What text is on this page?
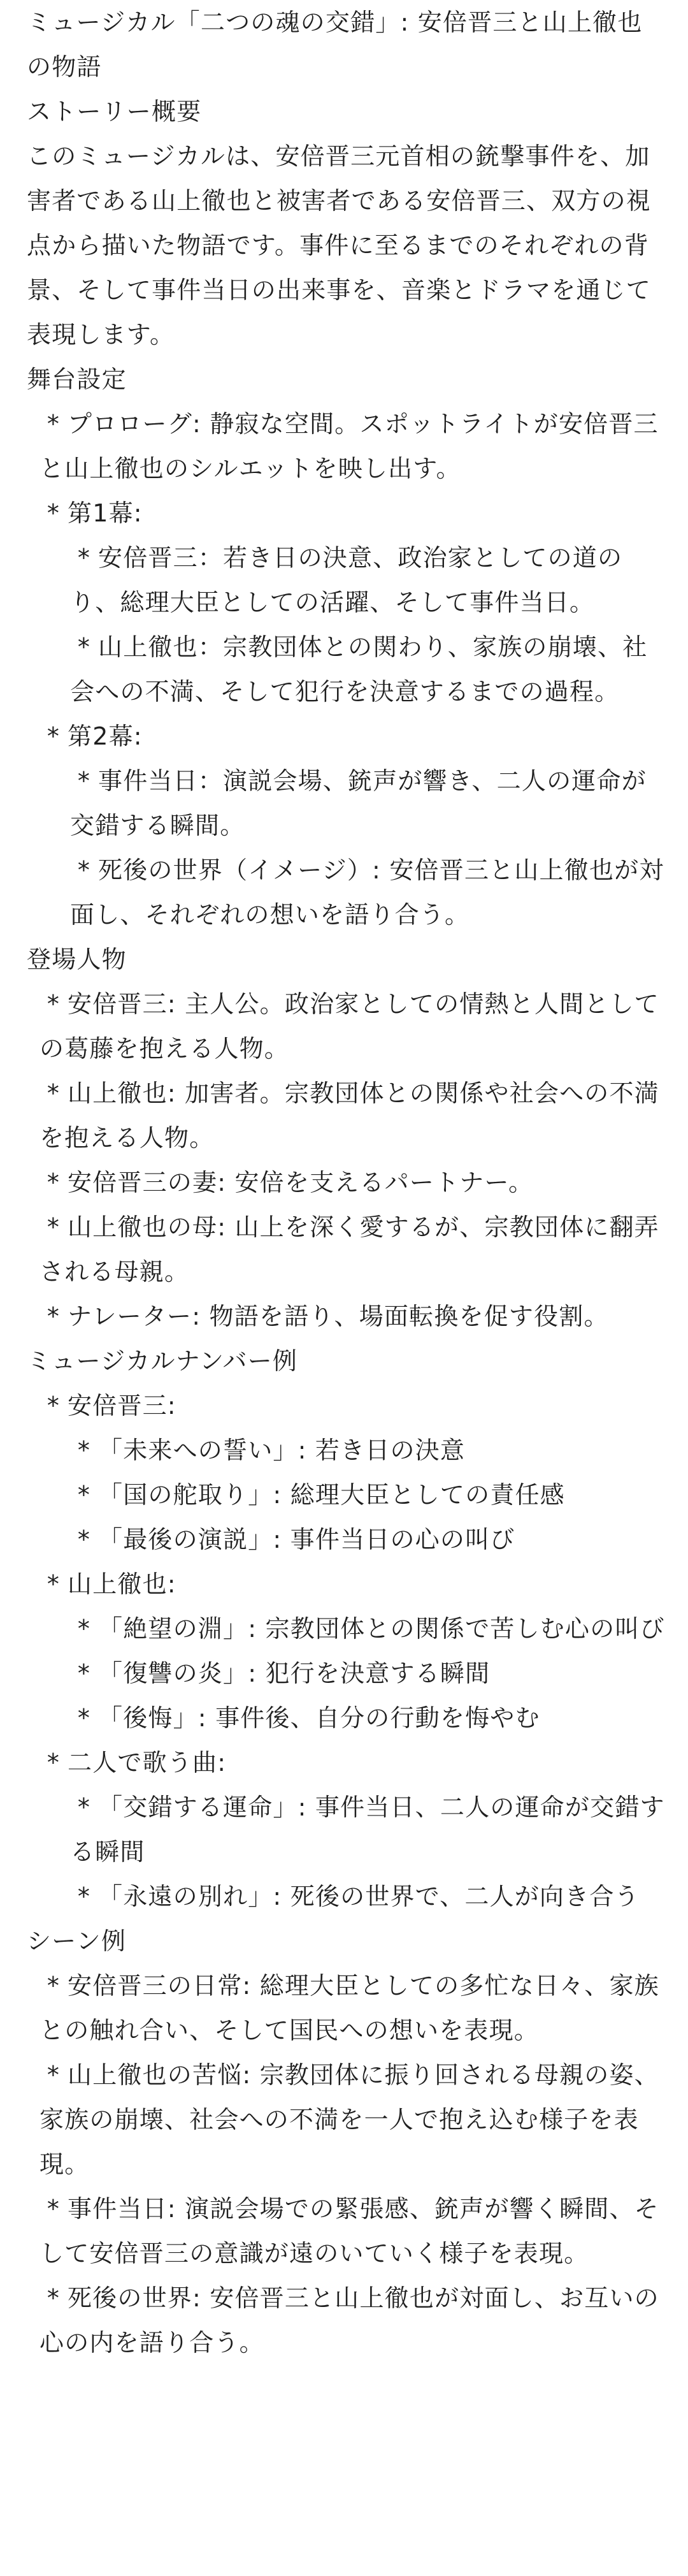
ミュージカル「二つの魂の交錯」: 安倍晋三と山上徹也の物語
ストーリー概要
このミュージカルは、安倍晋三元首相の銃撃事件を、加害者である山上徹也と被害者である安倍晋三、双方の視点から描いた物語です。事件に至るまでのそれぞれの背景、そして事件当日の出来事を、音楽とドラマを通じて表現します。
舞台設定
* プロローグ: 静寂な空間。スポットライトが安倍晋三と山上徹也のシルエットを映し出す。
* 第1幕:
* 安倍晋三：若き日の決意、政治家としての道のり、総理大臣としての活躍、そして事件当日。
* 山上徹也：宗教団体との関わり、家族の崩壊、社会への不満、そして犯行を決意するまでの過程。
* 第2幕:
* 事件当日：演説会場、銃声が響き、二人の運命が交錯する瞬間。
* 死後の世界（イメージ）: 安倍晋三と山上徹也が対面し、それぞれの想いを語り合う。
登場人物
* 安倍晋三: 主人公。政治家としての情熱と人間としての葛藤を抱える人物。
* 山上徹也: 加害者。宗教団体との関係や社会への不満を抱える人物。
* 安倍晋三の妻: 安倍を支えるパートナー。
* 山上徹也の母: 山上を深く愛するが、宗教団体に翻弄される母親。
* ナレーター: 物語を語り、場面転換を促す役割。
ミュージカルナンバー例
* 安倍晋三:
* 「未来への誓い」: 若き日の決意
* 「国の舵取り」: 総理大臣としての責任感
* 「最後の演説」: 事件当日の心の叫び
* 山上徹也:
* 「絶望の淵」: 宗教団体との関係で苦しむ心の叫び
* 「復讐の炎」: 犯行を決意する瞬間
* 「後悔」: 事件後、自分の行動を悔やむ
* 二人で歌う曲:
* 「交錯する運命」: 事件当日、二人の運命が交錯する瞬間
* 「永遠の別れ」: 死後の世界で、二人が向き合う
シーン例
* 安倍晋三の日常: 総理大臣としての多忙な日々、家族との触れ合い、そして国民への想いを表現。
* 山上徹也の苦悩: 宗教団体に振り回される母親の姿、家族の崩壊、社会への不満を一人で抱え込む様子を表現。
* 事件当日: 演説会場での緊張感、銃声が響く瞬間、そして安倍晋三の意識が遠のいていく様子を表現。
* 死後の世界: 安倍晋三と山上徹也が対面し、お互いの心の内を語り合う。
